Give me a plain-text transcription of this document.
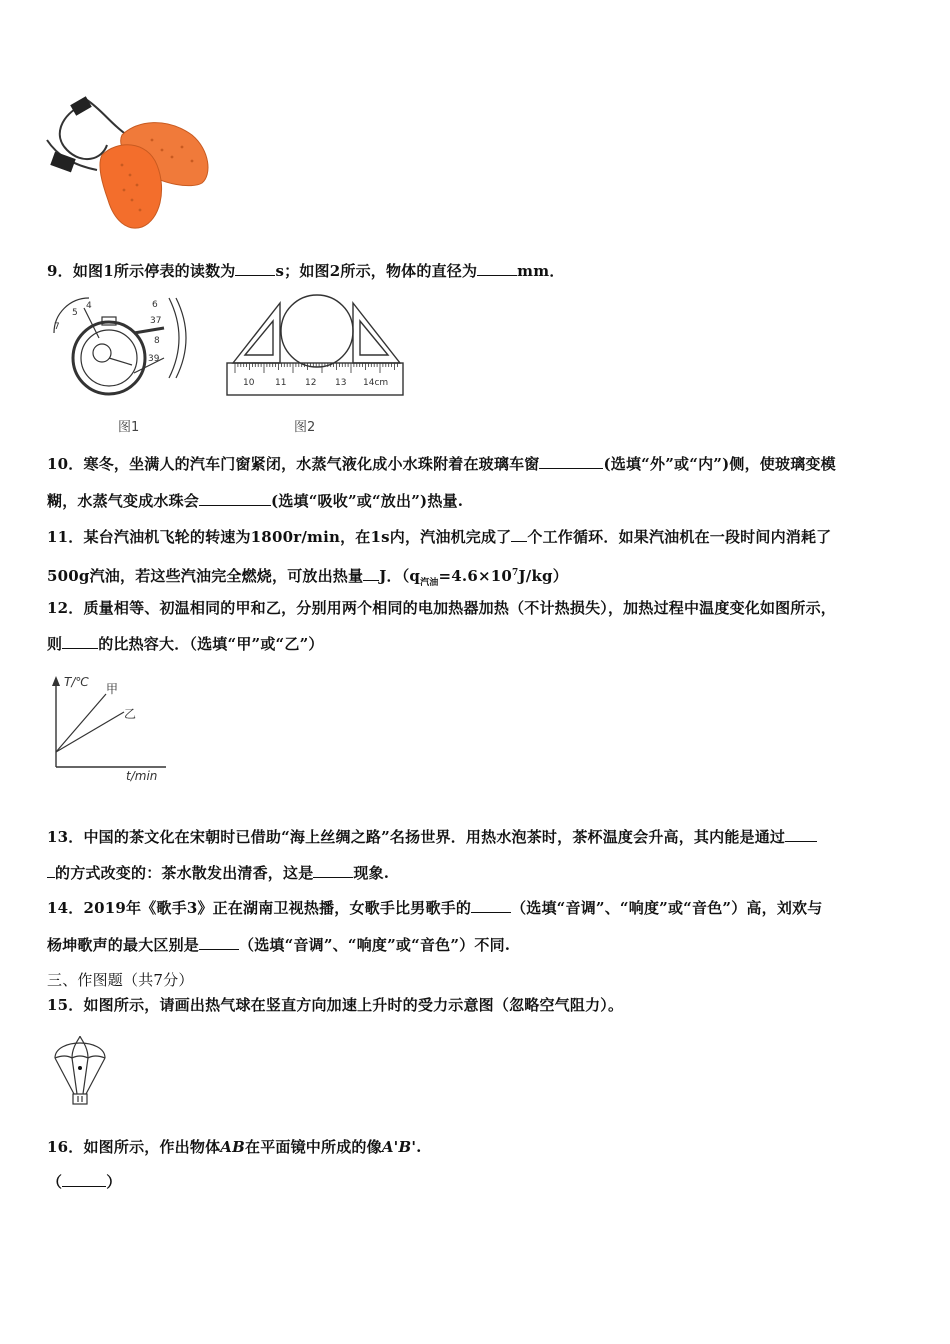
9．如图1所示停表的读数为	s；如图2所示，物体的直径为	mm．
4
5
6
7
37
8
39
图1
10 11 12 13 14cm
图2
10．寒冬，坐满人的汽车门窗紧闭，水蒸气液化成小水珠附着在玻璃车窗	(选填“外”或“内”)侧，使玻璃变模
糊，水蒸气变成水珠会	(选填“吸收”或“放出”)热量.
11．某台汽油机飞轮的转速为1800r/min，在1s内，汽油机完成了 个工作循环．如果汽油机在一段时间内消耗了
500g汽油，若这些汽油完全燃烧，可放出热量 J．$(q_{汽油}=4.6\times 10^7J/kg)$
12．质量相等、初温相同的甲和乙，分别用两个相同的电加热器加热（不计热损失），加热过程中温度变化如图所示，
则 的比热容大．（选填“甲”或“乙”）
T/℃ 甲
乙
t/min
13．中国的茶文化在宋朝时已借助“海上丝绸之路”名扬世界．用热水泡茶时，茶杯温度会升高，其内能是通过
的方式改变的：茶水散发出清香，这是	现象.
14．2019年《歌手3》正在湖南卫视热播，女歌手比男歌手的	（选填“音调”、“响度”或“音色”）高，刘欢与
杨坤歌声的最大区别是	（选填“音调”、“响度”或“音色”）不同.
三、作图题（共7分）
15．如图所示，请画出热气球在竖直方向加速上升时的受力示意图（忽略空气阻力）。
16．如图所示，作出物体AB在平面镜中所成的像A'B'.
（	）
